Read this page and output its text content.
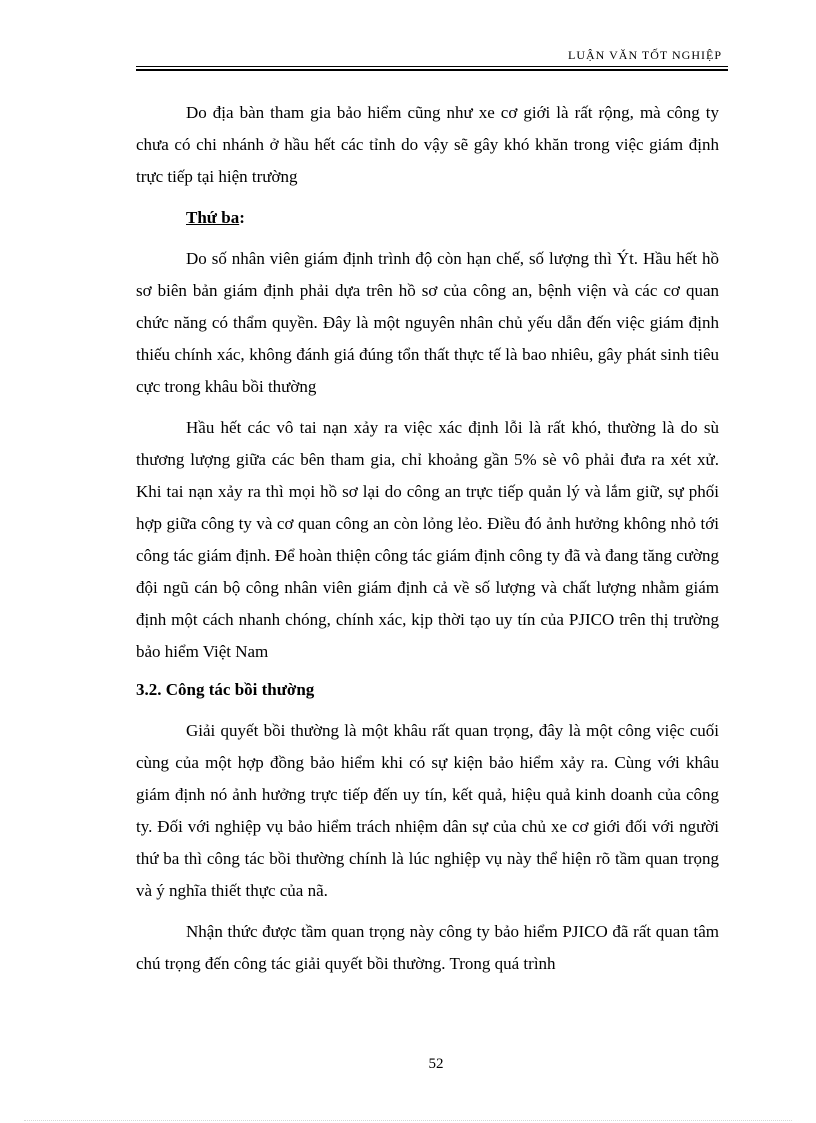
LUẬN VĂN TỐT NGHIỆP

Do địa bàn tham gia bảo hiểm cũng như xe cơ giới là rất rộng, mà công ty chưa có chi nhánh ở hầu hết các tỉnh do vậy sẽ gây khó khăn trong việc giám định trực tiếp tại hiện trường

Thứ ba:

Do số nhân viên giám định trình độ còn hạn chế, số lượng thì Ýt. Hầu hết hồ sơ biên bản giám định phải dựa trên hồ sơ của công an, bệnh viện và các cơ quan chức năng có thẩm quyền. Đây là một nguyên nhân chủ yếu dẫn đến việc giám định thiếu chính xác, không đánh giá đúng tổn thất thực tế là bao nhiêu, gây phát sinh tiêu cực trong khâu bồi thường

Hầu hết các vô tai nạn xảy ra việc xác định lỗi là rất khó, thường là do sù thương lượng giữa các bên tham gia, chỉ khoảng gần 5% sè vô phải đưa ra xét xử. Khi tai nạn xảy ra thì mọi hồ sơ lại do công an trực tiếp quản lý và lắm giữ, sự phối hợp giữa công ty và cơ quan công an còn lỏng lẻo. Điều đó ảnh hưởng không nhỏ tới công tác giám định. Để hoàn thiện công tác giám định công ty đã và đang tăng cường đội ngũ cán bộ công nhân viên giám định cả về số lượng và chất lượng nhằm giám định một cách nhanh chóng, chính xác, kịp thời tạo uy tín của PJICO trên thị trường bảo hiểm Việt Nam

3.2. Công tác bồi thường

Giải quyết bồi thường là một khâu rất quan trọng, đây là một công việc cuối cùng của một hợp đồng bảo hiểm khi có sự kiện bảo hiểm xảy ra. Cùng với khâu giám định nó ảnh hưởng trực tiếp đến uy tín, kết quả, hiệu quả kinh doanh của công ty. Đối với nghiệp vụ bảo hiểm trách nhiệm dân sự của chủ xe cơ giới đối với người thứ ba thì công tác bồi thường chính là lúc nghiệp vụ này thể hiện rõ tầm quan trọng và ý nghĩa thiết thực của nã.

Nhận thức được tầm quan trọng này công ty bảo hiểm PJICO đã rất quan tâm chú trọng đến công tác giải quyết bồi thường. Trong quá trình

52
